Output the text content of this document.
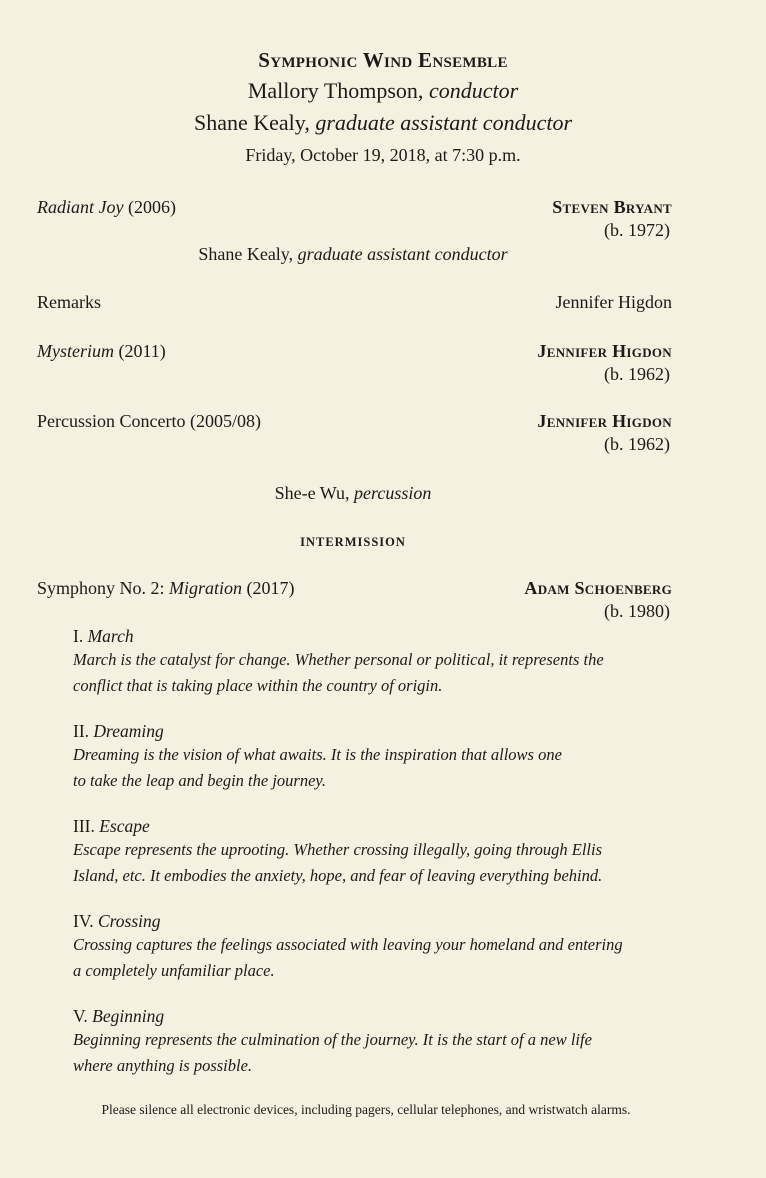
Symphonic Wind Ensemble
Mallory Thompson, conductor
Shane Kealy, graduate assistant conductor
Friday, October 19, 2018, at 7:30 p.m.
Radiant Joy (2006)	Steven Bryant
(b. 1972)
Shane Kealy, graduate assistant conductor
Remarks	Jennifer Higdon
Mysterium (2011)	Jennifer Higdon
(b. 1962)
Percussion Concerto (2005/08)	Jennifer Higdon
(b. 1962)
She-e Wu, percussion
INTERMISSION
Symphony No. 2: Migration (2017)	Adam Schoenberg
(b. 1980)
I. March
March is the catalyst for change. Whether personal or political, it represents the
conflict that is taking place within the country of origin.
II. Dreaming
Dreaming is the vision of what awaits. It is the inspiration that allows one
to take the leap and begin the journey.
III. Escape
Escape represents the uprooting. Whether crossing illegally, going through Ellis
Island, etc. It embodies the anxiety, hope, and fear of leaving everything behind.
IV. Crossing
Crossing captures the feelings associated with leaving your homeland and entering
a completely unfamiliar place.
V. Beginning
Beginning represents the culmination of the journey. It is the start of a new life
where anything is possible.
Please silence all electronic devices, including pagers, cellular telephones, and wristwatch alarms.
